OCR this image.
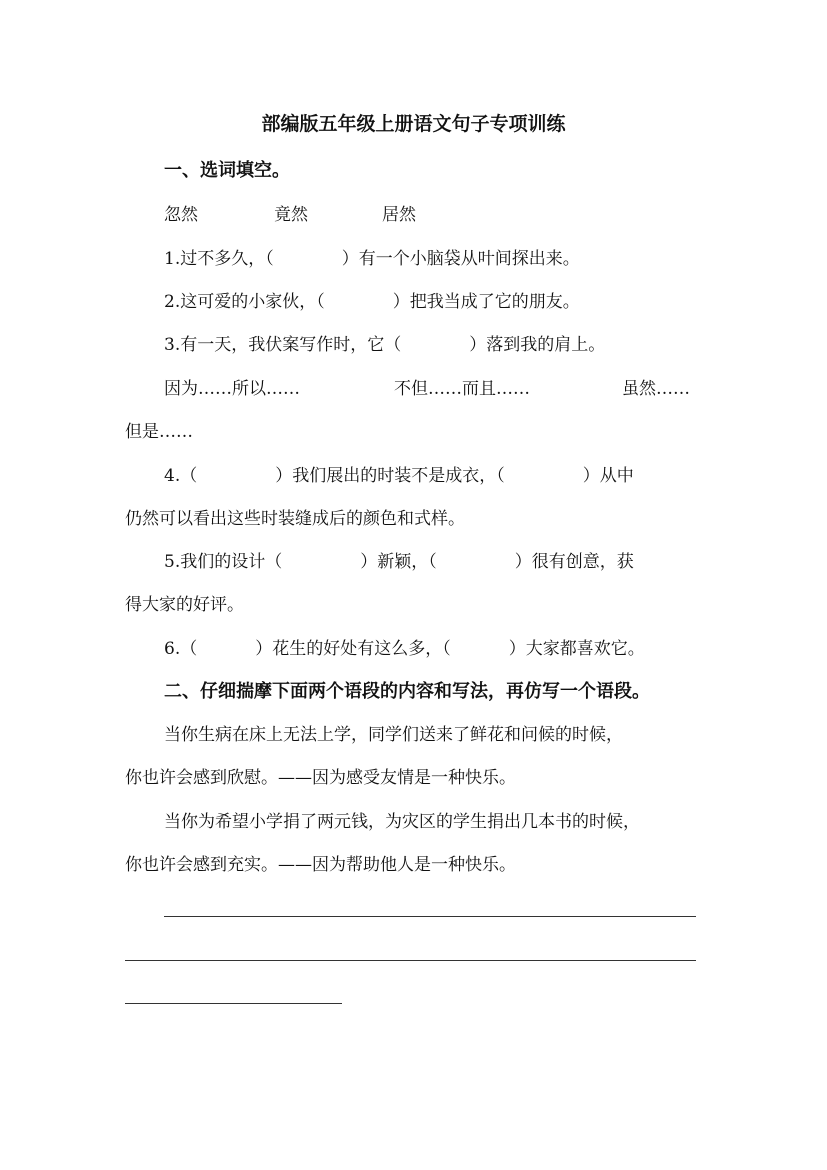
部编版五年级上册语文句子专项训练
一、选词填空。
忽然	竟然	居然
1.过不多久，（	）有一个小脑袋从叶间探出来。
2.这可爱的小家伙，（	）把我当成了它的朋友。
3.有一天，我伏案写作时，它（	）落到我的肩上。
因为……所以……	不但……而且……	虽然……
但是……
4.（	）我们展出的时装不是成衣，（	）从中
仍然可以看出这些时装缝成后的颜色和式样。
5.我们的设计（	）新颖，（	）很有创意，获
得大家的好评。
6.（	）花生的好处有这么多，（	）大家都喜欢它。
二、仔细揣摩下面两个语段的内容和写法，再仿写一个语段。
当你生病在床上无法上学，同学们送来了鲜花和问候的时候，
你也许会感到欣慰。——因为感受友情是一种快乐。
当你为希望小学捐了两元钱，为灾区的学生捐出几本书的时候，
你也许会感到充实。——因为帮助他人是一种快乐。
